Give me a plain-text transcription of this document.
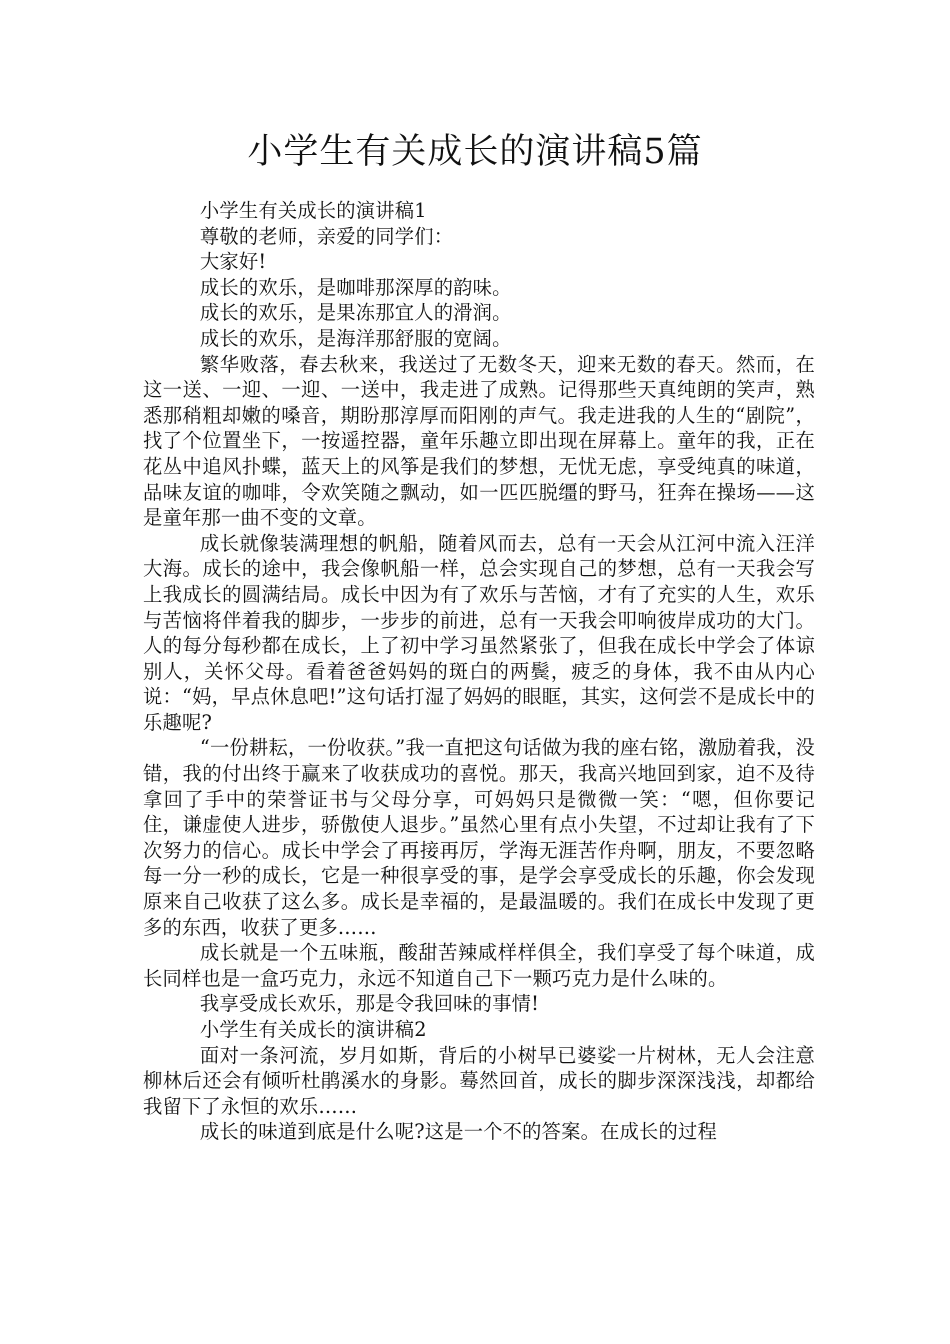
小学生有关成长的演讲稿5篇

小学生有关成长的演讲稿1

尊敬的老师，亲爱的同学们：

大家好!

成长的欢乐，是咖啡那深厚的韵味。

成长的欢乐，是果冻那宜人的滑润。

成长的欢乐，是海洋那舒服的宽阔。

繁华败落，春去秋来，我送过了无数冬天，迎来无数的春天。然而，在这一送、一迎、一迎、一送中，我走进了成熟。记得那些天真纯朗的笑声，熟悉那稍粗却嫩的嗓音，期盼那淳厚而阳刚的声气。我走进我的人生的“剧院”，找了个位置坐下，一按遥控器，童年乐趣立即出现在屏幕上。童年的我，正在花丛中追风扑蝶，蓝天上的风筝是我们的梦想，无忧无虑，享受纯真的味道，品味友谊的咖啡，令欢笑随之飘动，如一匹匹脱缰的野马，狂奔在操场——这是童年那一曲不变的文章。

成长就像装满理想的帆船，随着风而去，总有一天会从江河中流入汪洋大海。成长的途中，我会像帆船一样，总会实现自己的梦想，总有一天我会写上我成长的圆满结局。成长中因为有了欢乐与苦恼，才有了充实的人生，欢乐与苦恼将伴着我的脚步，一步步的前进，总有一天我会叩响彼岸成功的大门。人的每分每秒都在成长，上了初中学习虽然紧张了，但我在成长中学会了体谅别人，关怀父母。看着爸爸妈妈的斑白的两鬓，疲乏的身体，我不由从内心说：“妈，早点休息吧!”这句话打湿了妈妈的眼眶，其实，这何尝不是成长中的乐趣呢?

“一份耕耘，一份收获。”我一直把这句话做为我的座右铭，激励着我，没错，我的付出终于赢来了收获成功的喜悦。那天，我高兴地回到家，迫不及待拿回了手中的荣誉证书与父母分享，可妈妈只是微微一笑：“嗯，但你要记住，谦虚使人进步，骄傲使人退步。”虽然心里有点小失望，不过却让我有了下次努力的信心。成长中学会了再接再厉，学海无涯苦作舟啊，朋友，不要忽略每一分一秒的成长，它是一种很享受的事，是学会享受成长的乐趣，你会发现原来自己收获了这么多。成长是幸福的，是最温暖的。我们在成长中发现了更多的东西，收获了更多……

成长就是一个五味瓶，酸甜苦辣咸样样俱全，我们享受了每个味道，成长同样也是一盒巧克力，永远不知道自己下一颗巧克力是什么味的。

我享受成长欢乐，那是令我回味的事情!

小学生有关成长的演讲稿2

面对一条河流，岁月如斯，背后的小树早已婆娑一片树林，无人会注意柳林后还会有倾听杜鹃溪水的身影。蓦然回首，成长的脚步深深浅浅，却都给我留下了永恒的欢乐……

成长的味道到底是什么呢?这是一个不的答案。在成长的过程
